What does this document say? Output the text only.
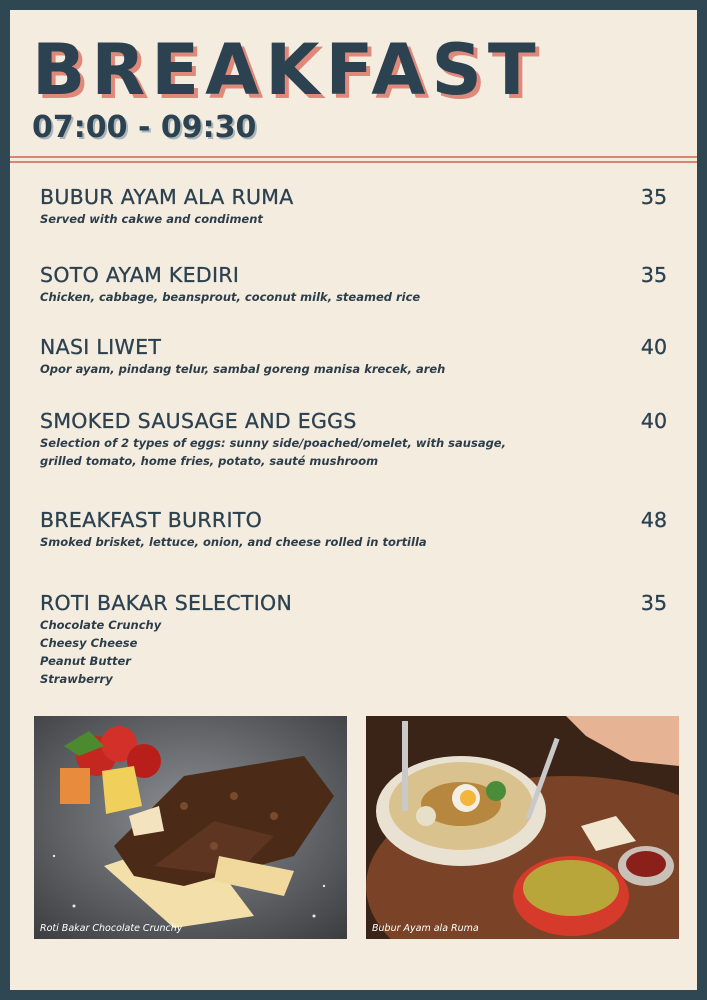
BREAKFAST
07:00 - 09:30
BUBUR AYAM ALA RUMA	35
Served with cakwe and condiment
SOTO AYAM KEDIRI	35
Chicken, cabbage, beansprout, coconut milk, steamed rice
NASI LIWET	40
Opor ayam, pindang telur, sambal goreng manisa krecek, areh
SMOKED SAUSAGE AND EGGS	40
Selection of 2 types of eggs: sunny side/poached/omelet, with sausage,
grilled tomato, home fries, potato, sauté mushroom
BREAKFAST BURRITO	48
Smoked brisket, lettuce, onion, and cheese rolled in tortilla
ROTI BAKAR SELECTION	35
Chocolate Crunchy
Cheesy Cheese
Peanut Butter
Strawberry
Roti Bakar Chocolate Crunchy	Bubur Ayam ala Ruma
